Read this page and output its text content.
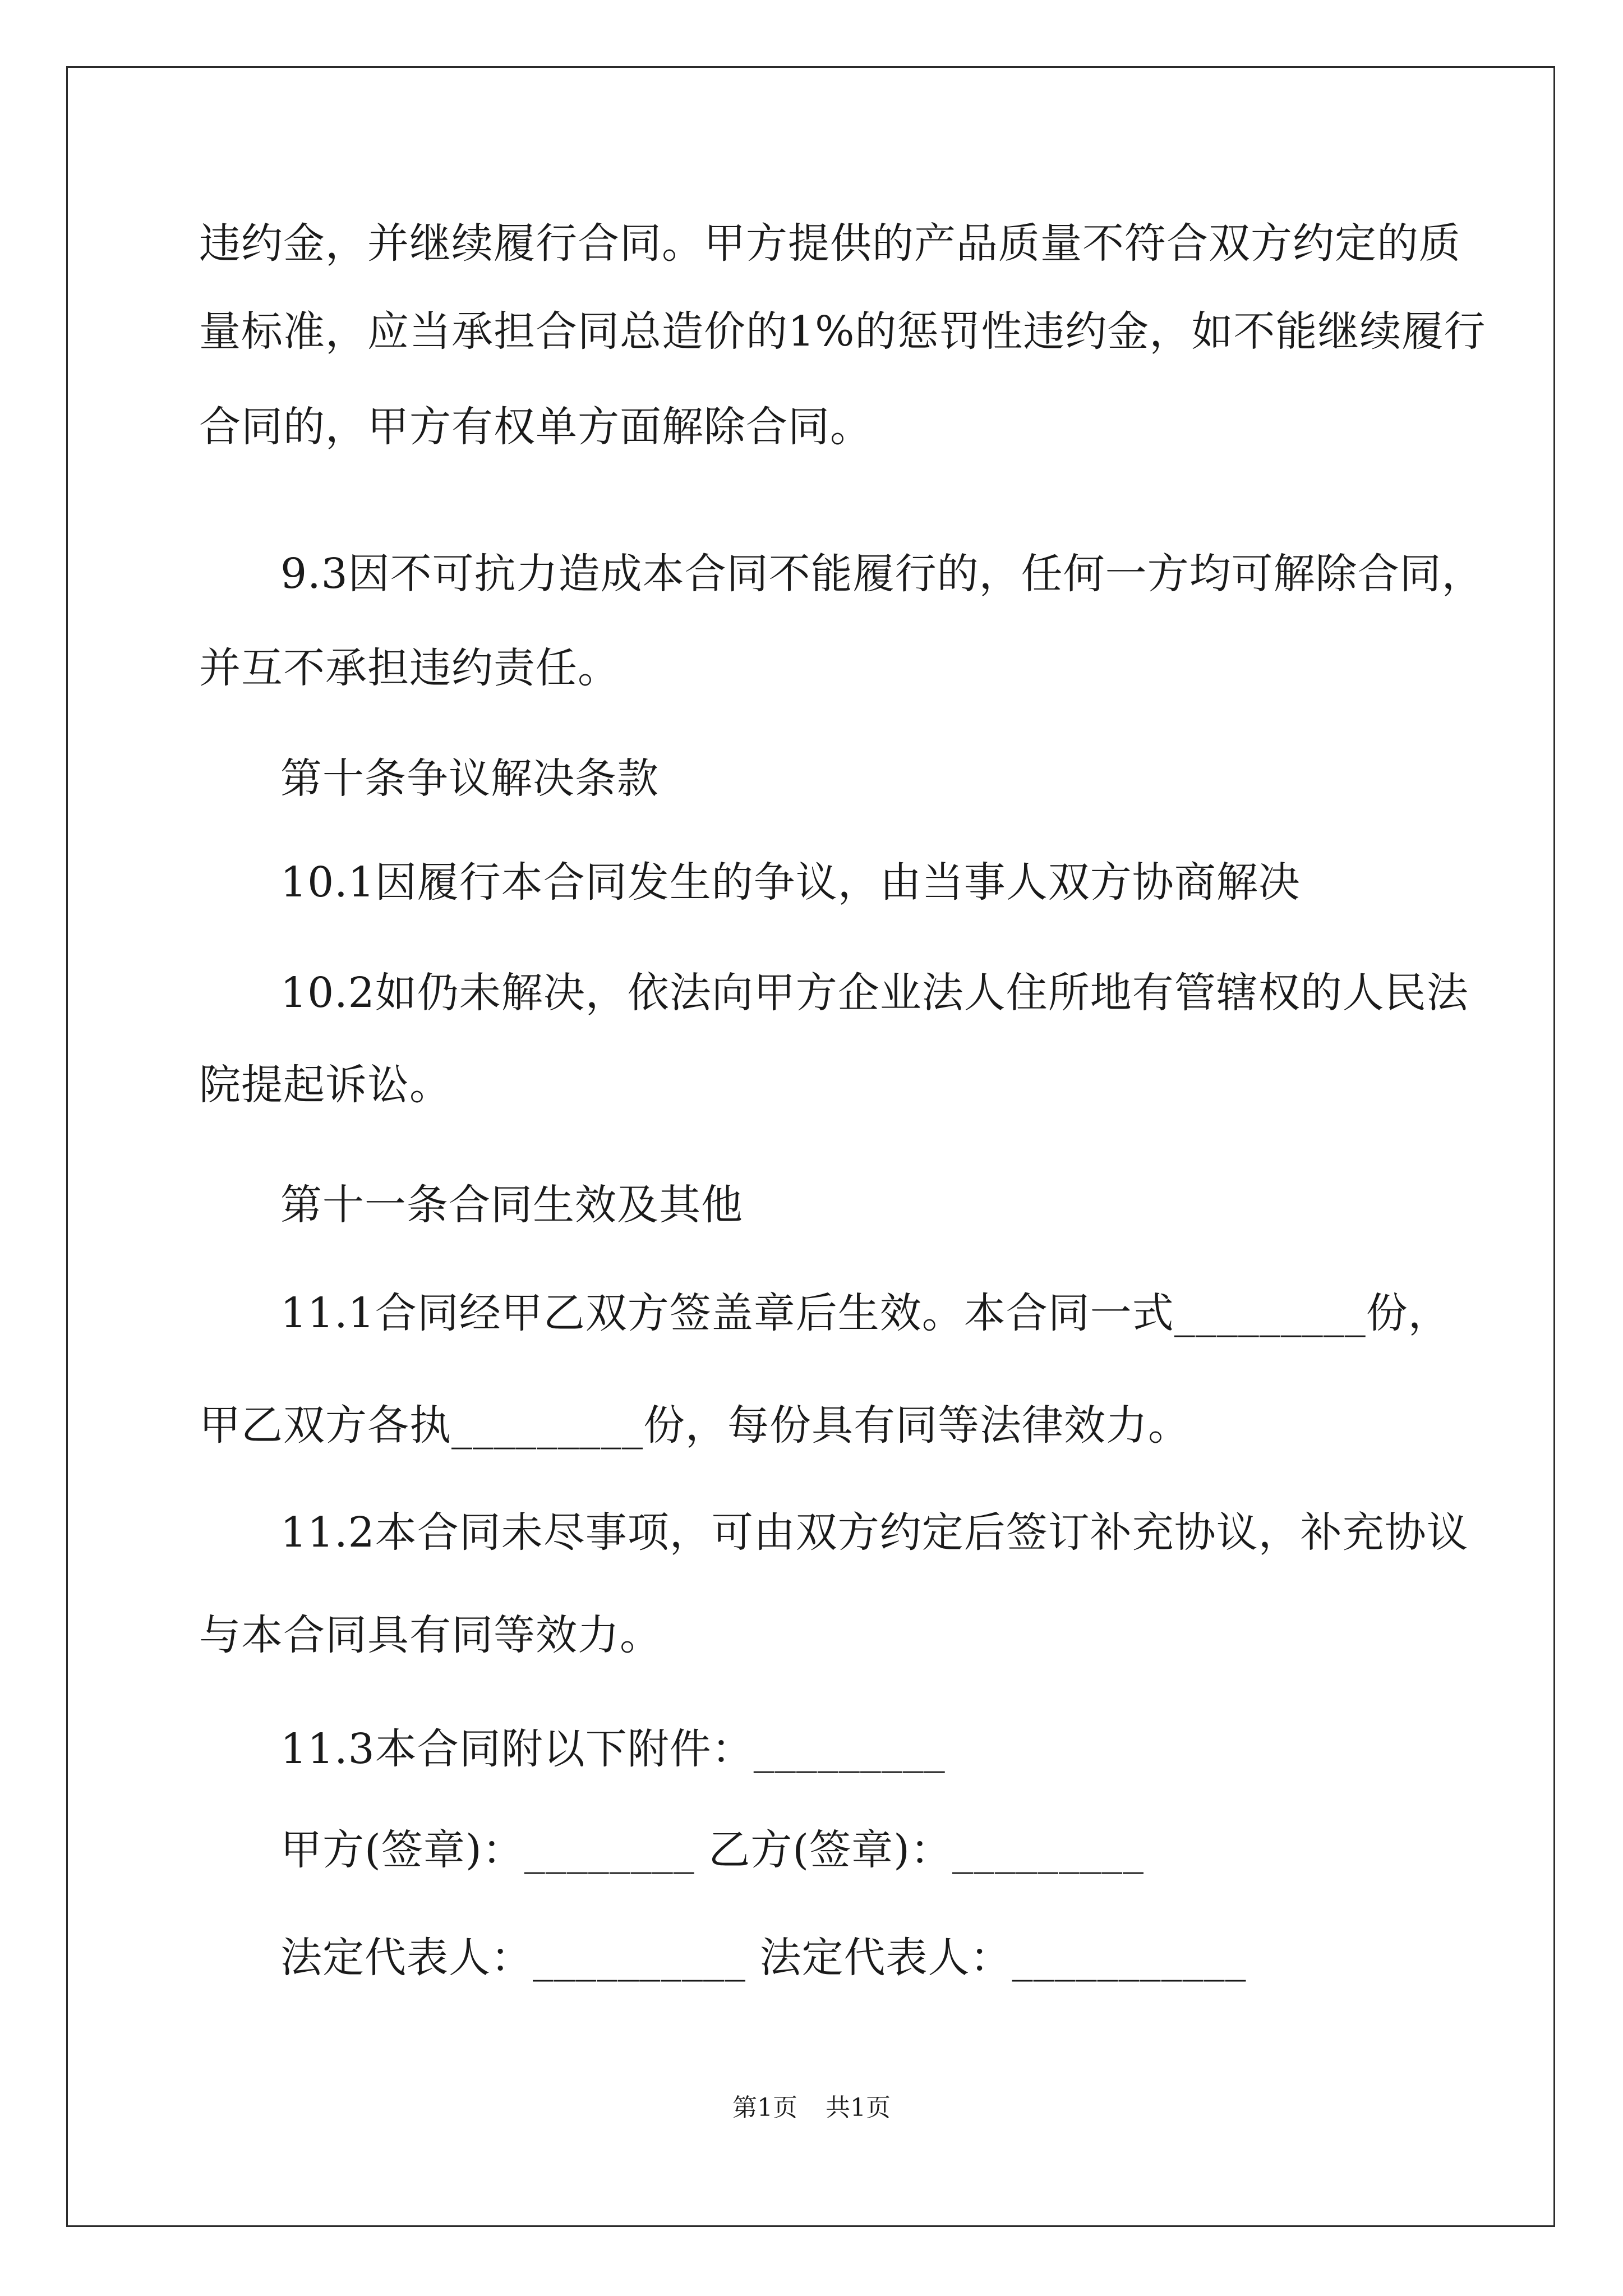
违约金，并继续履行合同。甲方提供的产品质量不符合双方约定的质
量标准，应当承担合同总造价的1%的惩罚性违约金，如不能继续履行
合同的，甲方有权单方面解除合同。
9.3因不可抗力造成本合同不能履行的，任何一方均可解除合同，
并互不承担违约责任。
第十条争议解决条款
10.1因履行本合同发生的争议，由当事人双方协商解决
10.2如仍未解决，依法向甲方企业法人住所地有管辖权的人民法
院提起诉讼。
第十一条合同生效及其他
11.1合同经甲乙双方签盖章后生效。本合同一式_________份，
甲乙双方各执_________份，每份具有同等法律效力。
11.2本合同未尽事项，可由双方约定后签订补充协议，补充协议
与本合同具有同等效力。
11.3本合同附以下附件：_________
甲方(签章)：________ 乙方(签章)：_________
法定代表人：__________ 法定代表人：___________
第1页 共1页
